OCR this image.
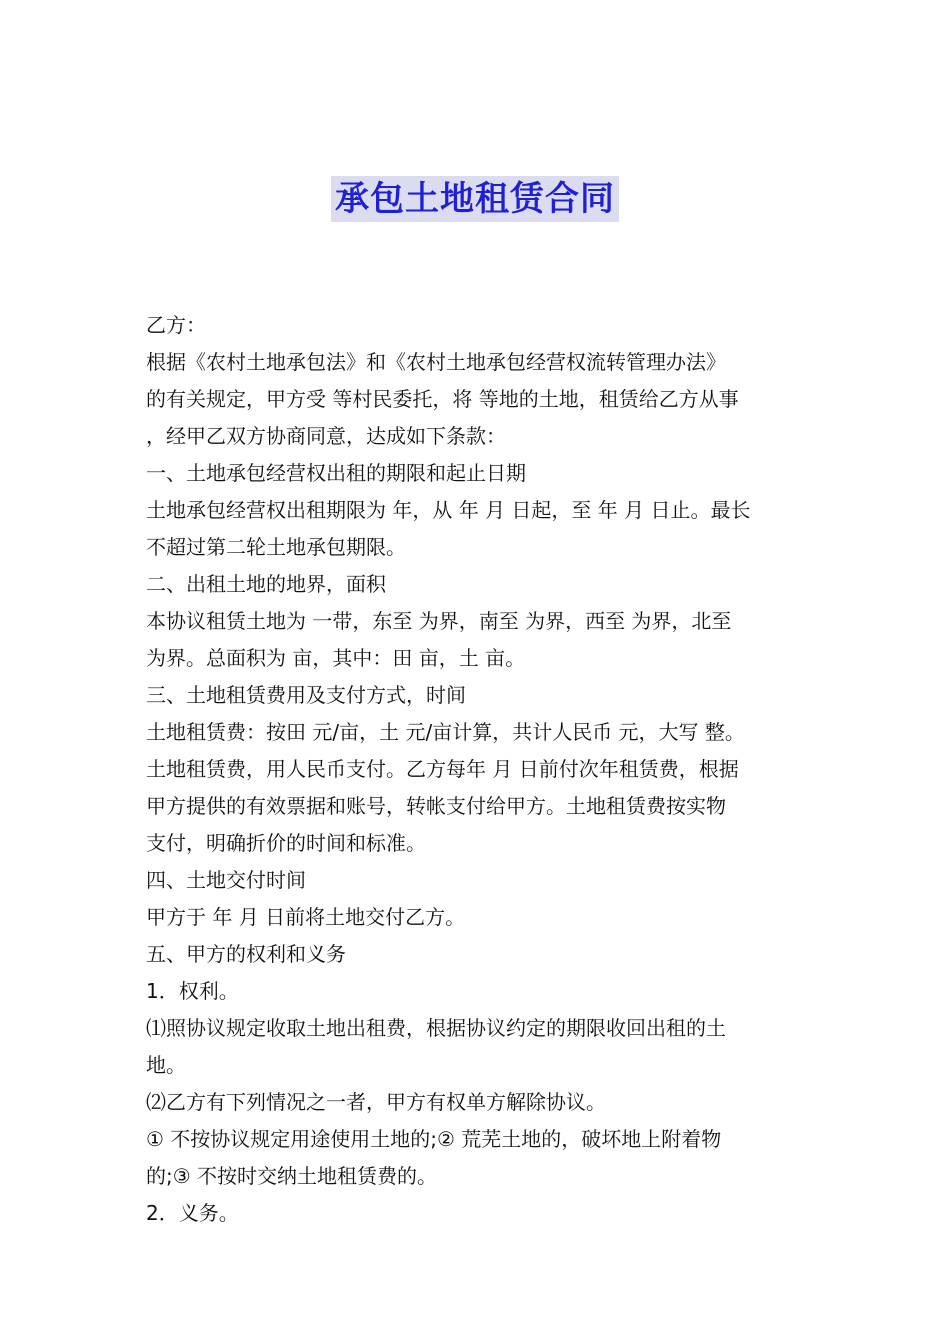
承包土地租赁合同
乙方：
根据《农村土地承包法》和《农村土地承包经营权流转管理办法》
的有关规定，甲方受 等村民委托，将 等地的土地，租赁给乙方从事
，经甲乙双方协商同意，达成如下条款：
一、土地承包经营权出租的期限和起止日期
土地承包经营权出租期限为 年，从 年 月 日起，至 年 月 日止。最长
不超过第二轮土地承包期限。
二、出租土地的地界，面积
本协议租赁土地为 一带，东至 为界，南至 为界，西至 为界，北至
为界。总面积为 亩，其中：田 亩，土 亩。
三、土地租赁费用及支付方式，时间
土地租赁费：按田 元/亩，土 元/亩计算，共计人民币 元，大写 整。
土地租赁费，用人民币支付。乙方每年 月 日前付次年租赁费，根据
甲方提供的有效票据和账号，转帐支付给甲方。土地租赁费按实物
支付，明确折价的时间和标准。
四、土地交付时间
甲方于 年 月 日前将土地交付乙方。
五、甲方的权利和义务
1．权利。
⑴照协议规定收取土地出租费，根据协议约定的期限收回出租的土
地。
⑵乙方有下列情况之一者，甲方有权单方解除协议。
① 不按协议规定用途使用土地的;② 荒芜土地的，破坏地上附着物
的;③ 不按时交纳土地租赁费的。
2．义务。
